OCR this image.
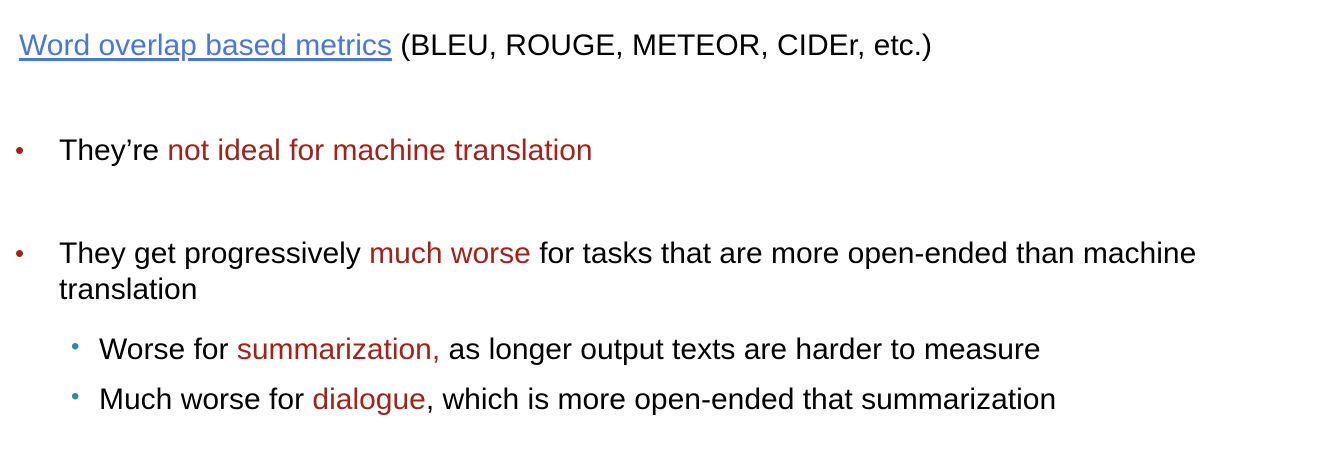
Word overlap based metrics (BLEU, ROUGE, METEOR, CIDEr, etc.)
• They’re not ideal for machine translation
• They get progressively much worse for tasks that are more open-ended than machine translation
• Worse for summarization, as longer output texts are harder to measure
• Much worse for dialogue, which is more open-ended that summarization
